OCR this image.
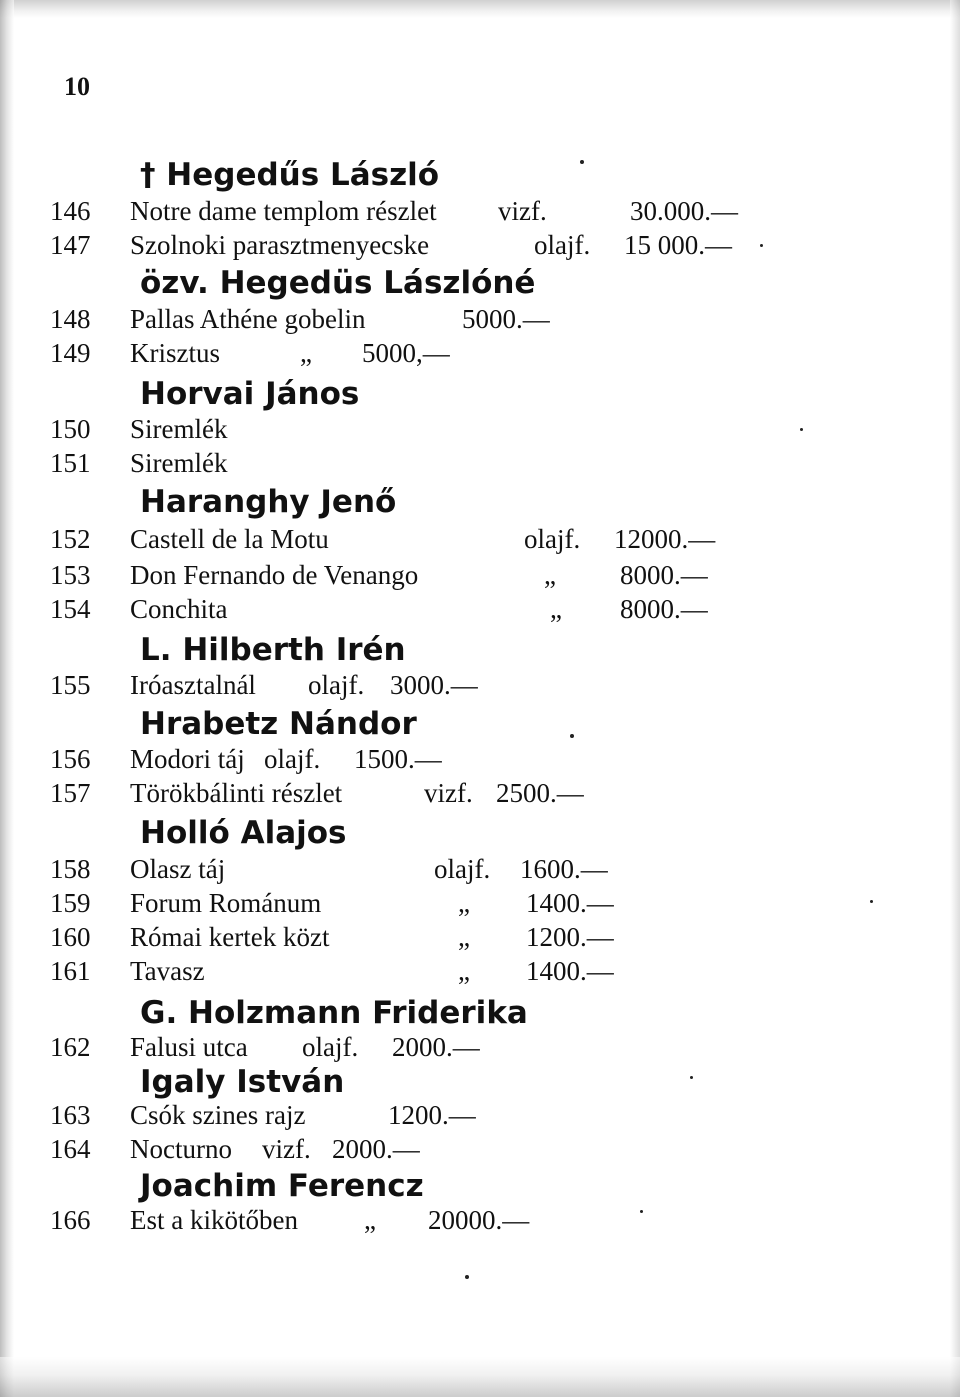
10
† Hegedűs László
146	Notre dame templom részlet vizf.	30.000.—
147	Szolnoki parasztmenyecske	olajf. 15 000.—
özv. Hegedüs Lászlóné
148	Pallas Athéne gobelin	5000.—
149	Krisztus	„ 5000,—
Horvai János
150	Siremlék
151	Siremlék
Haranghy Jenő
152	Castell de la Motu	olajf. 12000.—
153	Don Fernando de Venango	„ 8000.—
154	Conchita	„ 8000.—
L. Hilberth Irén
155	Iróasztalnál olajf. 3000.—
Hrabetz Nándor
156	Modori táj olajf. 1500.—
157	Törökbálinti részlet	vizf. 2500.—
Holló Alajos
158	Olasz táj	olajf. 1600.—
159	Forum Románum	„ 1400.—
160	Római kertek közt	„ 1200.—
161	Tavasz	„ 1400.—
G. Holzmann Friderika
162	Falusi utca olajf. 2000.—
Igaly István
163	Csók szines rajz	1200.—
164	Nocturno vizf. 2000.—
Joachim Ferencz
166	Est a kikötőben „ 20000.—
